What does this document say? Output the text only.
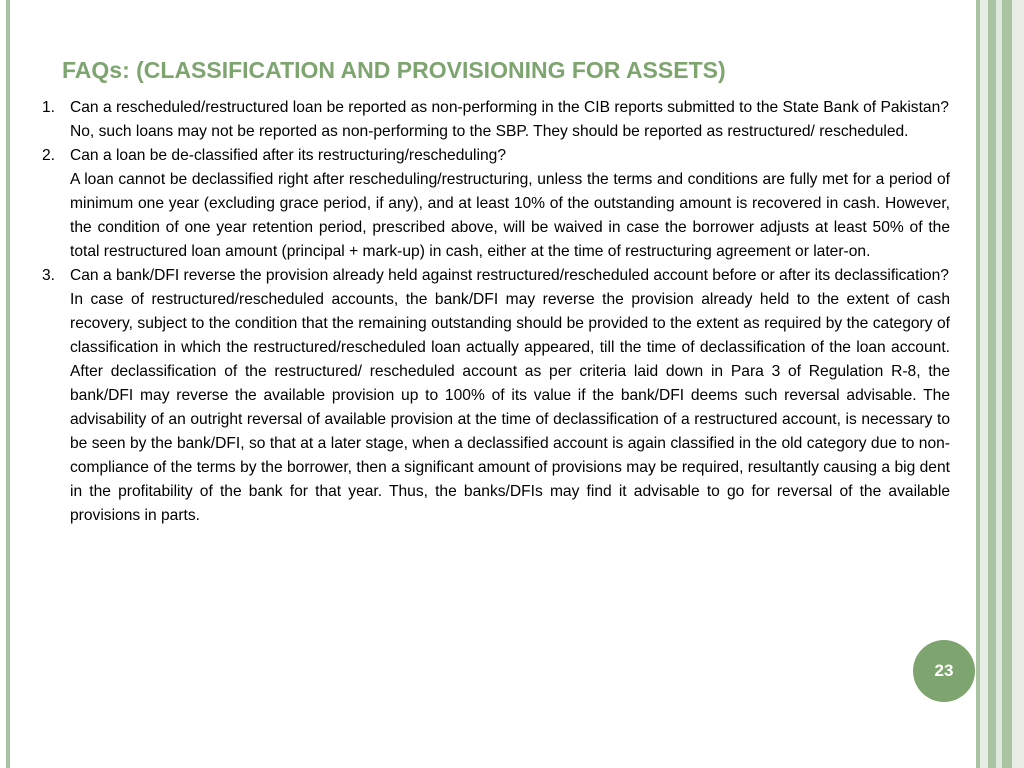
FAQs: (CLASSIFICATION AND PROVISIONING FOR ASSETS)
1. Can a rescheduled/restructured loan be reported as non-performing in the CIB reports submitted to the State Bank of Pakistan?

No, such loans may not be reported as non-performing to the SBP. They should be reported as restructured/ rescheduled.

2. Can a loan be de-classified after its restructuring/rescheduling?

A loan cannot be declassified right after rescheduling/restructuring, unless the terms and conditions are fully met for a period of minimum one year (excluding grace period, if any), and at least 10% of the outstanding amount is recovered in cash. However, the condition of one year retention period, prescribed above, will be waived in case the borrower adjusts at least 50% of the total restructured loan amount (principal + mark-up) in cash, either at the time of restructuring agreement or later-on.

3. Can a bank/DFI reverse the provision already held against restructured/rescheduled account before or after its declassification?

In case of restructured/rescheduled accounts, the bank/DFI may reverse the provision already held to the extent of cash recovery, subject to the condition that the remaining outstanding should be provided to the extent as required by the category of classification in which the restructured/rescheduled loan actually appeared, till the time of declassification of the loan account. After declassification of the restructured/ rescheduled account as per criteria laid down in Para 3 of Regulation R-8, the bank/DFI may reverse the available provision up to 100% of its value if the bank/DFI deems such reversal advisable. The advisability of an outright reversal of available provision at the time of declassification of a restructured account, is necessary to be seen by the bank/DFI, so that at a later stage, when a declassified account is again classified in the old category due to non-compliance of the terms by the borrower, then a significant amount of provisions may be required, resultantly causing a big dent in the profitability of the bank for that year. Thus, the banks/DFIs may find it advisable to go for reversal of the available provisions in parts.

23
